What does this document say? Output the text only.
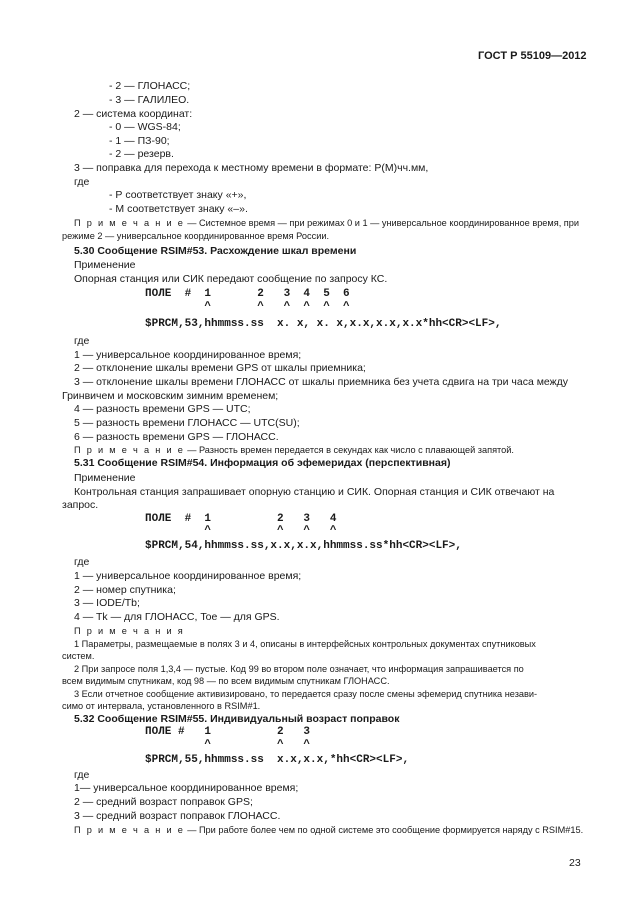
ГОСТ Р 55109—2012
- 2 — ГЛОНАСС;
- 3 — ГАЛИЛЕО.
2 — система координат:
- 0 — WGS-84;
- 1 — ПЗ-90;
- 2 — резерв.
3 — поправка для перехода к местному времени в формате: Р(М)чч.мм,
где
- Р соответствует знаку «+»,
- М соответствует знаку «–».
П р и м е ч а н и е — Системное время — при режимах 0 и 1 — универсальное координированное время, при
режиме 2 — универсальное координированное время России.
5.30 Сообщение RSIM#53. Расхождение шкал времени
Применение
Опорная станция или СИК передают сообщение по запросу КС.
ПОЛЕ  #  1       2   3  4  5  6
^       ^   ^  ^  ^  ^
$PRCM,53,hhmmss.ss  x. x, x. x,x.x,x.x,x.x*hh<CR><LF>,
где
1 — универсальное координированное время;
2 — отклонение шкалы времени GPS от шкалы приемника;
3 — отклонение шкалы времени ГЛОНАСС от шкалы приемника без учета сдвига на три часа между
Гринвичем и московским зимним временем;
4 — разность времени GPS — UTC;
5 — разность времени ГЛОНАСС — UTC(SU);
6 — разность времени GPS — ГЛОНАСС.
П р и м е ч а н и е — Разность времен передается в секундах как число с плавающей запятой.
5.31 Сообщение RSIM#54. Информация об эфемеридах (перспективная)
Применение
Контрольная станция запрашивает опорную станцию и СИК. Опорная станция и СИК отвечают на
запрос.
ПОЛЕ  #  1          2   3   4
^          ^   ^   ^
$PRCM,54,hhmmss.ss,x.x,x.x,hhmmss.ss*hh<CR><LF>,
где
1 — универсальное координированное время;
2 — номер спутника;
3 — IODE/Tb;
4 — Tk — для ГЛОНАСС, Toe — для GPS.
П р и м е ч а н и я
1 Параметры, размещаемые в полях 3 и 4, описаны в интерфейсных контрольных документах спутниковых
систем.
2 При запросе поля 1,3,4 — пустые. Код 99 во втором поле означает, что информация запрашивается по
всем видимым спутникам, код 98 — по всем видимым спутникам ГЛОНАСС.
3 Если отчетное сообщение активизировано, то передается сразу после смены эфемерид спутника незави-
симо от интервала, установленного в RSIM#1.
5.32 Сообщение RSIM#55. Индивидуальный возраст поправок
ПОЛЕ #   1          2   3
^          ^   ^
$PRCM,55,hhmmss.ss  x.x,x.x,*hh<CR><LF>,
где
1— универсальное координированное время;
2 — средний возраст поправок GPS;
3 — средний возраст поправок ГЛОНАСС.
П р и м е ч а н и е — При работе более чем по одной системе это сообщение формируется наряду с RSIM#15.
23
